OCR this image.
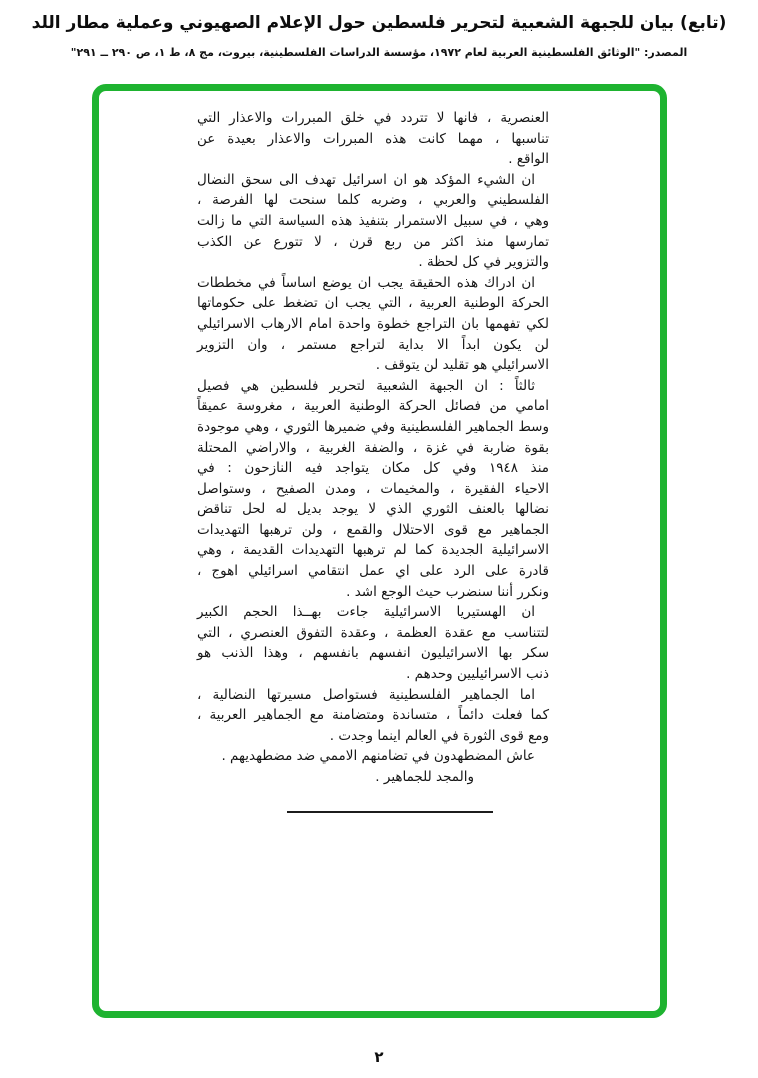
(تابع) بيان للجبهة الشعبية لتحرير فلسطين حول الإعلام الصهيوني وعملية مطار اللد
المصدر: "الوثائق الفلسطينية العربية لعام ١٩٧٢، مؤسسة الدراسات الفلسطينية، بيروت، مج ٨، ط ١، ص ٢٩٠ ــ ٢٩١"
العنصرية ، فانها لا تتردد في خلق المبررات والاعذار التي
تناسبها ، مهما كانت هذه المبررات والاعذار بعيدة عن
الواقع .
ان الشيء المؤكد هو ان اسرائيل تهدف الى سحق النضال
الفلسطيني والعربي ، وضربه كلما سنحت لها الفرصة ،
وهي ، في سبيل الاستمرار بتنفيذ هذه السياسة التي ما زالت
تمارسها منذ اكثر من ربع قرن ، لا تتورع عن الكذب
والتزوير في كل لحظة .
ان ادراك هذه الحقيقة يجب ان يوضع اساساً في مخططات
الحركة الوطنية العربية ، التي يجب ان تضغط على حكوماتها
لكي تفهمها بان التراجع خطوة واحدة امام الارهاب الاسرائيلي
لن يكون ابداً الا بداية لتراجع مستمر ، وان التزوير
الاسرائيلي هو تقليد لن يتوقف .
ثالثاً : ان الجبهة الشعبية لتحرير فلسطين هي فصيل
امامي من فصائل الحركة الوطنية العربية ، مغروسة عميقاً
وسط الجماهير الفلسطينية وفي ضميرها الثوري ، وهي موجودة
بقوة ضاربة في غزة ، والضفة الغربية ، والاراضي المحتلة
منذ ١٩٤٨ وفي كل مكان يتواجد فيه النازحون : في
الاحياء الفقيرة ، والمخيمات ، ومدن الصفيح ، وستواصل
نضالها بالعنف الثوري الذي لا يوجد بديل له لحل تناقض
الجماهير مع قوى الاحتلال والقمع ، ولن ترهبها التهديدات
الاسرائيلية الجديدة كما لم ترهبها التهديدات القديمة ، وهي
قادرة على الرد على اي عمل انتقامي اسرائيلي اهوج ،
ونكرر أننا سنضرب حيث الوجع اشد .
ان الهستيريا الاسرائيلية جاءت بهــذا الحجم الكبير
لتتناسب مع عقدة العظمة ، وعقدة التفوق العنصري ، التي
سكر بها الاسرائيليون انفسهم بانفسهم ، وهذا الذنب هو
ذنب الاسرائيليين وحدهم .
اما الجماهير الفلسطينية فستواصل مسيرتها النضالية ،
كما فعلت دائماً ، متساندة ومتضامنة مع الجماهير العربية ،
ومع قوى الثورة في العالم اينما وجدت .
عاش المضطهدون في تضامنهم الاممي ضد مضطهديهم .
والمجد للجماهير .
٢
